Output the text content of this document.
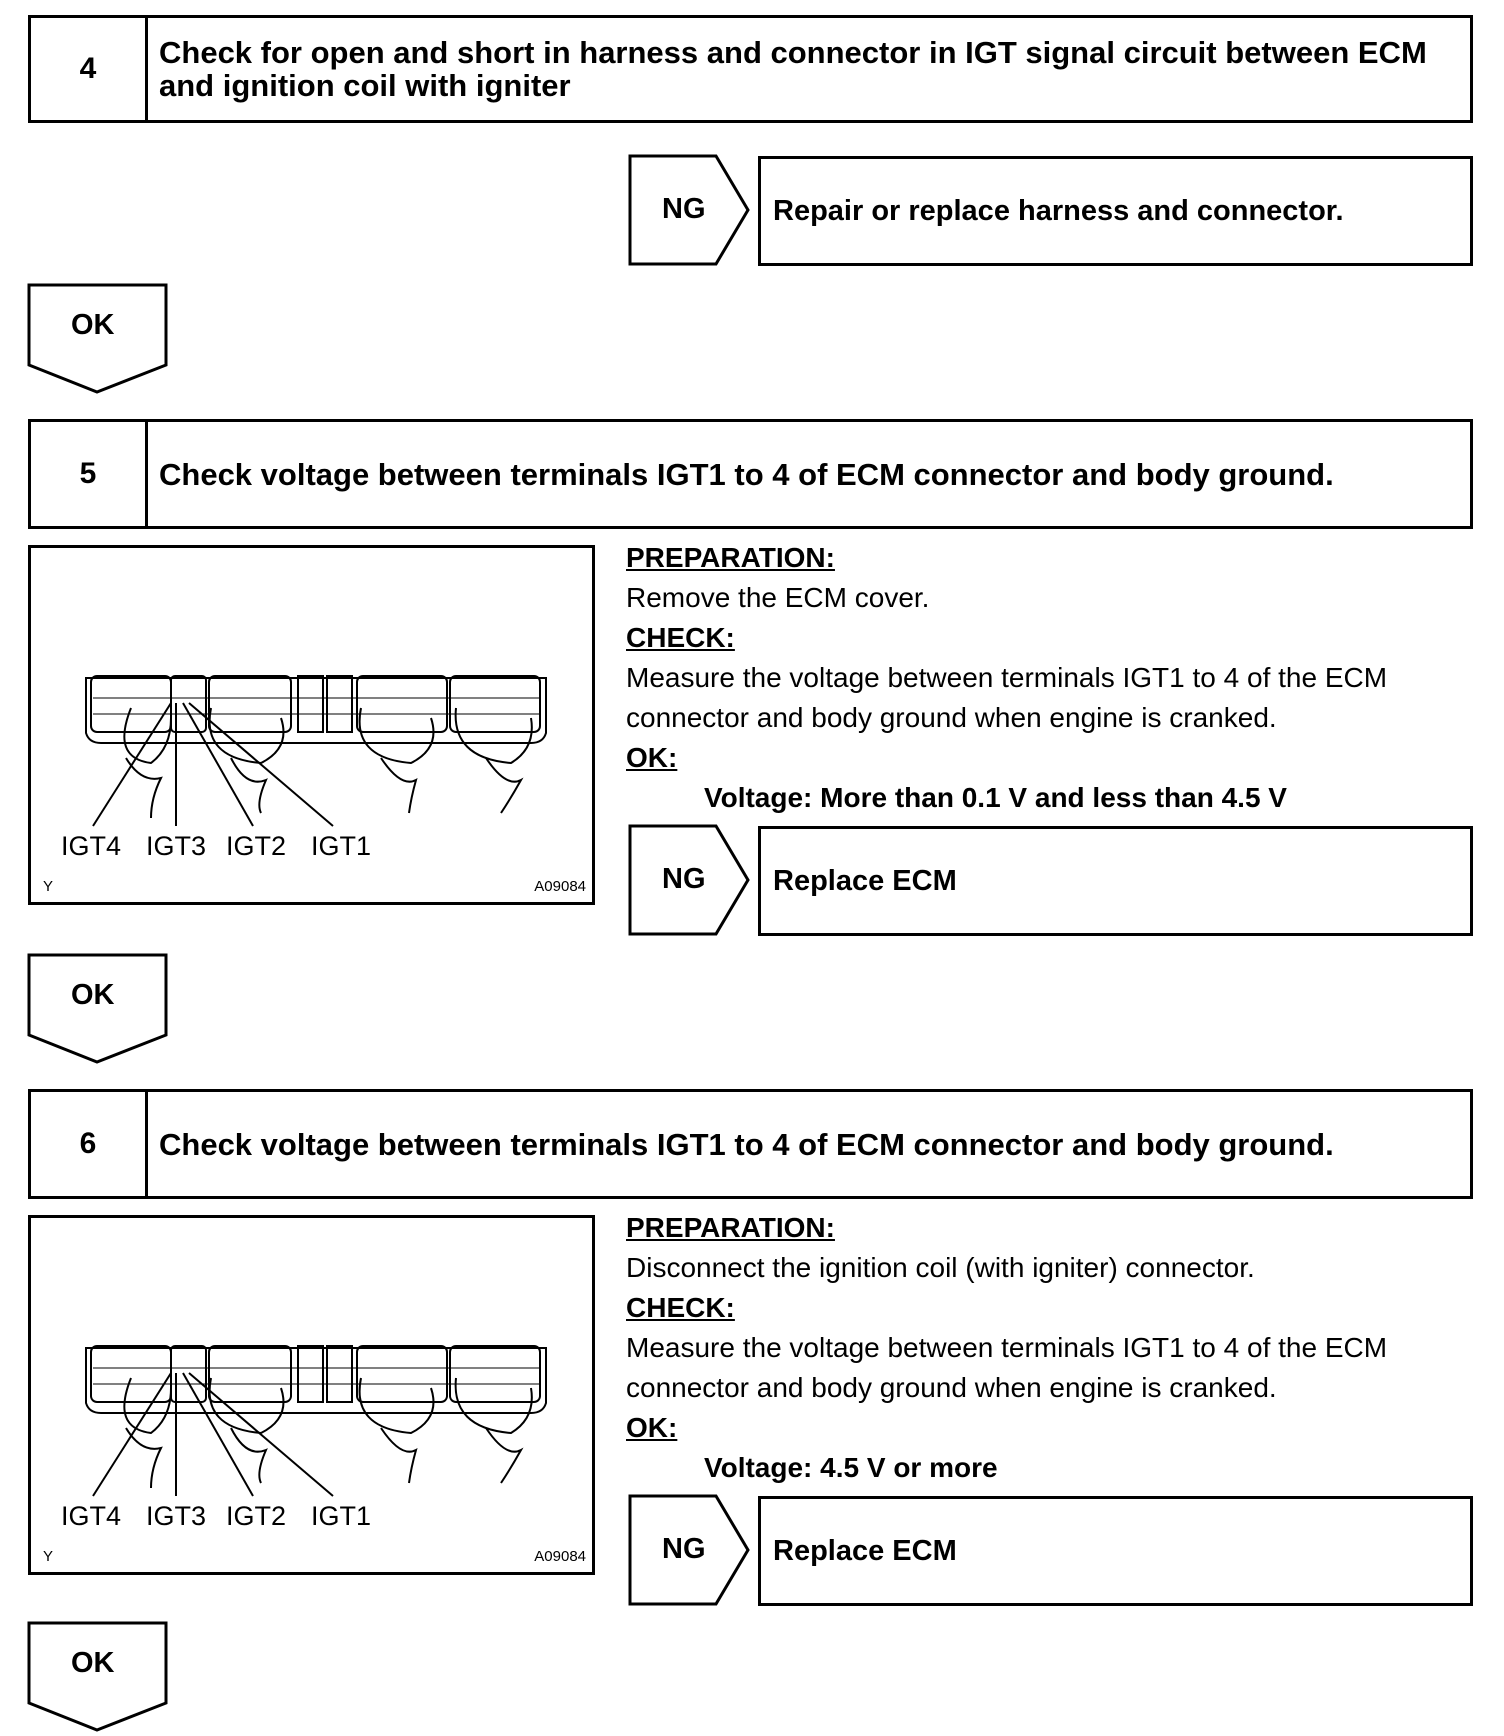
4	Check for open and short in harness and connector in IGT signal circuit between ECM and ignition coil with igniter
NG	Repair or replace harness and connector.
OK
5	Check voltage between terminals IGT1 to 4 of ECM connector and body ground.
IGT4 IGT3 IGT2 IGT1
Y	A09084
PREPARATION:
Remove the ECM cover.
CHECK:
Measure the voltage between terminals IGT1 to 4 of the ECM
connector and body ground when engine is cranked.
OK:
Voltage: More than 0.1 V and less than 4.5 V
NG	Replace ECM
OK
6	Check voltage between terminals IGT1 to 4 of ECM connector and body ground.
IGT4 IGT3 IGT2 IGT1
Y	A09084
PREPARATION:
Disconnect the ignition coil (with igniter) connector.
CHECK:
Measure the voltage between terminals IGT1 to 4 of the ECM
connector and body ground when engine is cranked.
OK:
Voltage: 4.5 V or more
NG	Replace ECM
OK
